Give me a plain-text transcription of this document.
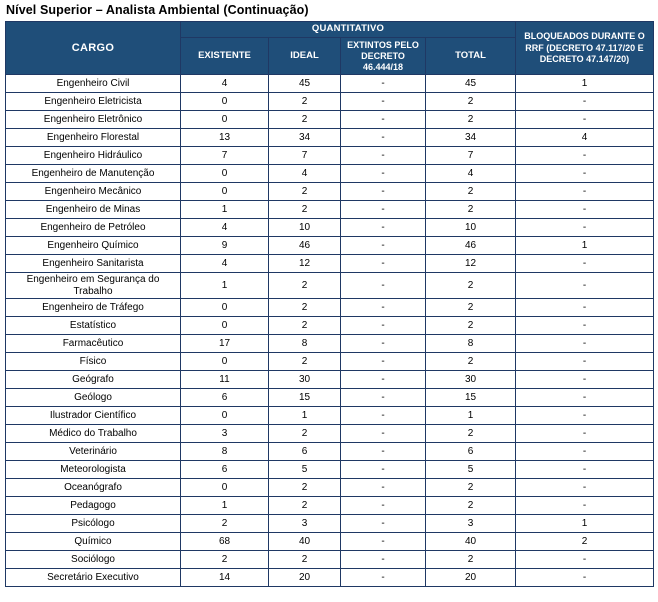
Nível Superior – Analista Ambiental (Continuação)
CARGO	QUANTITATIVO				BLOQUEADOS DURANTE O RRF (DECRETO 47.117/20 E DECRETO 47.147/20)
	EXISTENTE	IDEAL	EXTINTOS PELO DECRETO 46.444/18	TOTAL	
Engenheiro Civil	4	45	-	45	1
Engenheiro Eletricista	0	2	-	2	-
Engenheiro Eletrônico	0	2	-	2	-
Engenheiro Florestal	13	34	-	34	4
Engenheiro Hidráulico	7	7	-	7	-
Engenheiro de Manutenção	0	4	-	4	-
Engenheiro Mecânico	0	2	-	2	-
Engenheiro de Minas	1	2	-	2	-
Engenheiro de Petróleo	4	10	-	10	-
Engenheiro Químico	9	46	-	46	1
Engenheiro Sanitarista	4	12	-	12	-
Engenheiro em Segurança do Trabalho	1	2	-	2	-
Engenheiro de Tráfego	0	2	-	2	-
Estatístico	0	2	-	2	-
Farmacêutico	17	8	-	8	-
Físico	0	2	-	2	-
Geógrafo	11	30	-	30	-
Geólogo	6	15	-	15	-
Ilustrador Científico	0	1	-	1	-
Médico do Trabalho	3	2	-	2	-
Veterinário	8	6	-	6	-
Meteorologista	6	5	-	5	-
Oceanógrafo	0	2	-	2	-
Pedagogo	1	2	-	2	-
Psicólogo	2	3	-	3	1
Químico	68	40	-	40	2
Sociólogo	2	2	-	2	-
Secretário Executivo	14	20	-	20	-
